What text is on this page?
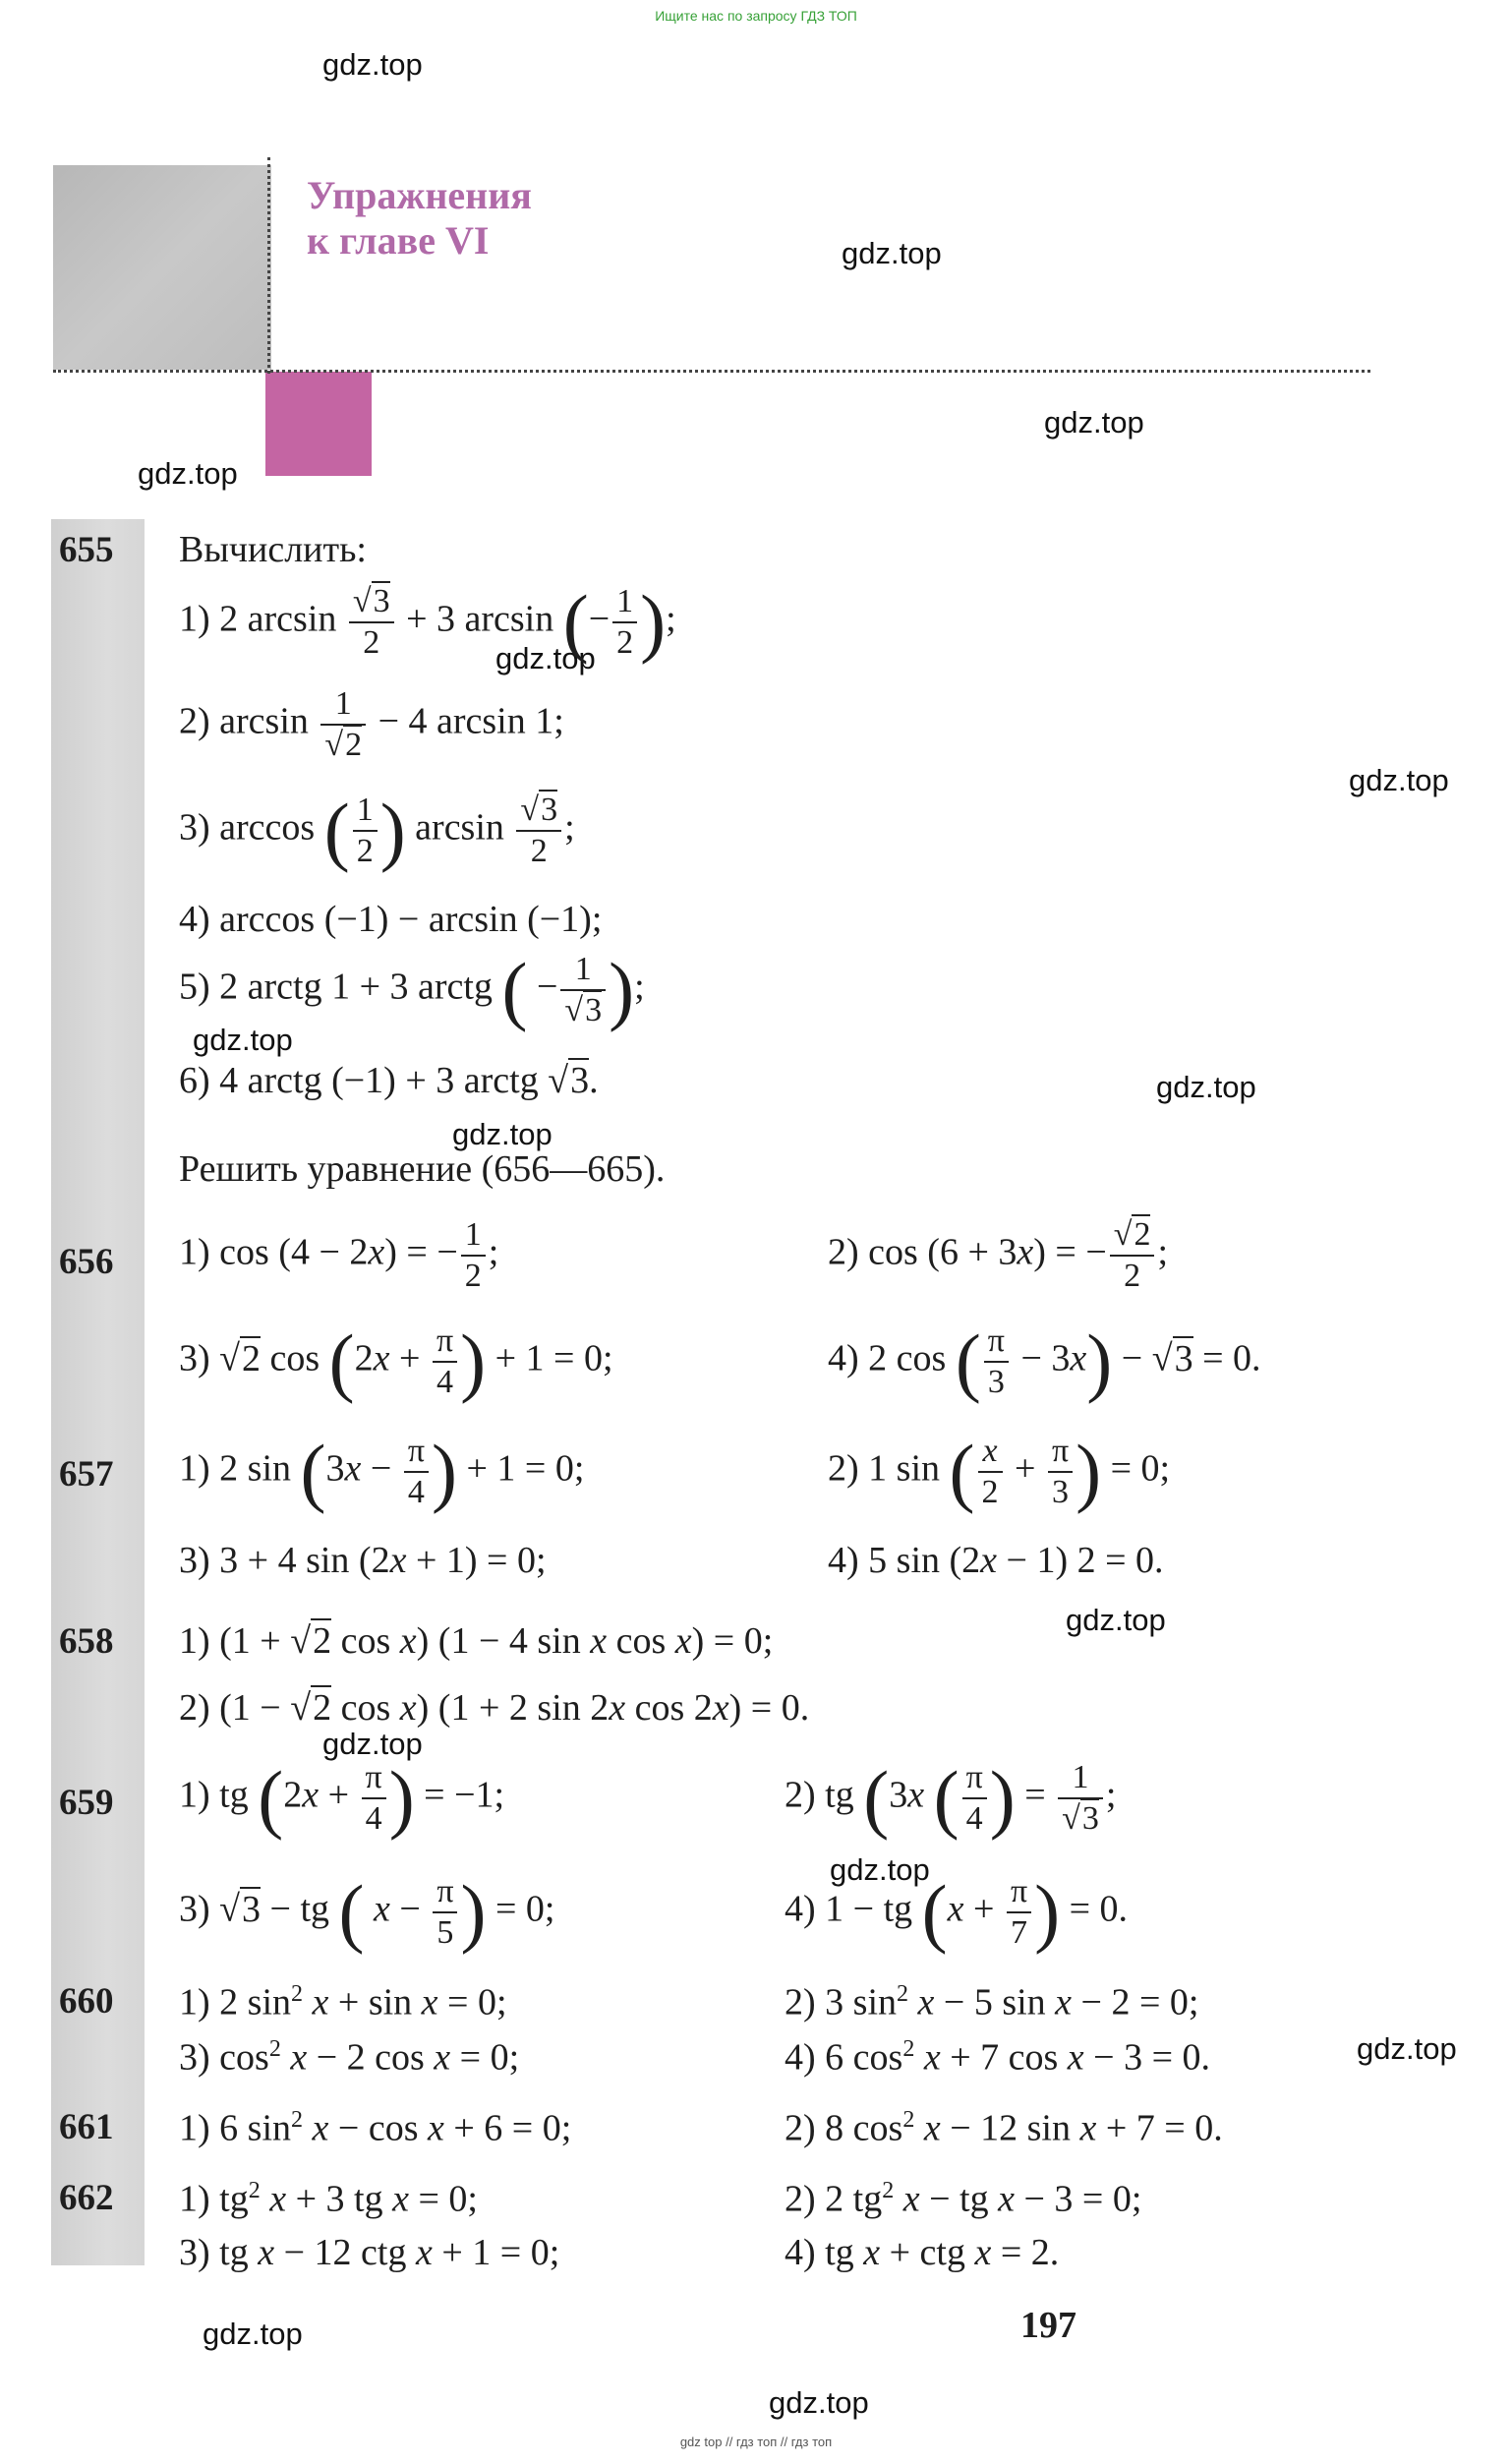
Ищите нас по запросу ГДЗ ТОП
Упражнения
к главе VI
gdz.top
gdz.top
gdz.top
gdz.top
gdz.top
gdz.top
gdz.top
gdz.top
gdz.top
gdz.top
gdz.top
gdz.top
gdz.top
gdz.top
gdz.top
655 Вычислить:
1) 2 $\arcsin \frac{√3}{2} + 3$ arcsin (− $\frac{1}{2}$ );
2) $\arcsin \frac{1}{√2} - 4$ arcsin 1;
3) arccos ( $\frac{1}{2}$ ) $\arcsin \frac{√3}{2}$ ;
4) arccos (−1) − arcsin (−1);
5) 2 arctg 1 + 3 arctg ( − $\frac{1}{√3}$ );
6) 4 arctg (−1) + 3 arctg √3.
Решить уравнение (656—665).
656 1) cos (4 − 2x) = − $\frac{1}{2}$ ;	2) cos (6 + 3x) = − $\frac{√2}{2}$ ;
3) √2 $\cos (2x + \frac{\pi}{4}$ ) + 1 = 0;	4) 2 cos ( $\frac{\pi}{3} - 3x) - √3 = 0$.
657 1) 2 $\sin (3x - \frac{\pi}{4}$ ) + 1 = 0;	2) 1 sin ( $\frac{x}{2} + \frac{\pi}{3}$ ) = 0;
3) 3 + 4 sin (2x + 1) = 0;	4) 5 sin (2x − 1) 2 = 0.
658 1) (1 + √2 cos x) (1 − 4 sin x cos x) = 0;
2) (1 − √2 cos x) (1 + 2 sin 2x cos 2x) = 0.
659 1) tg ($2x + \frac{\pi}{4}$ ) = −1;	2) tg (3x ( $\frac{\pi}{4}$ ) = $\frac{1}{√3}$ ;
3) √3 − tg ( $x - \frac{\pi}{5}$ ) = 0;	4) 1 − tg ($x + \frac{\pi}{7}$ ) = 0.
660 1) 2 $\sin^2 x + \sin x = 0$;	2) 3 $\sin^2 x - 5$ sin x − 2 = 0;
3) $\cos^2 x - 2$ cos x = 0;	4) 6 $\cos^2 x + 7$ cos x − 3 = 0.
661 1) 6 $\sin^2 x - \cos x + 6 = 0$;	2) 8 $\cos^2 x - 12$ sin x + 7 = 0.
662 1) $tg^2$ x + 3 tg x = 0;	2) 2 $tg^2$ x − tg x − 3 = 0;
3) tg x − 12 ctg x + 1 = 0;	4) tg x + ctg x = 2.
197
gdz top // гдз топ // гдз топ
